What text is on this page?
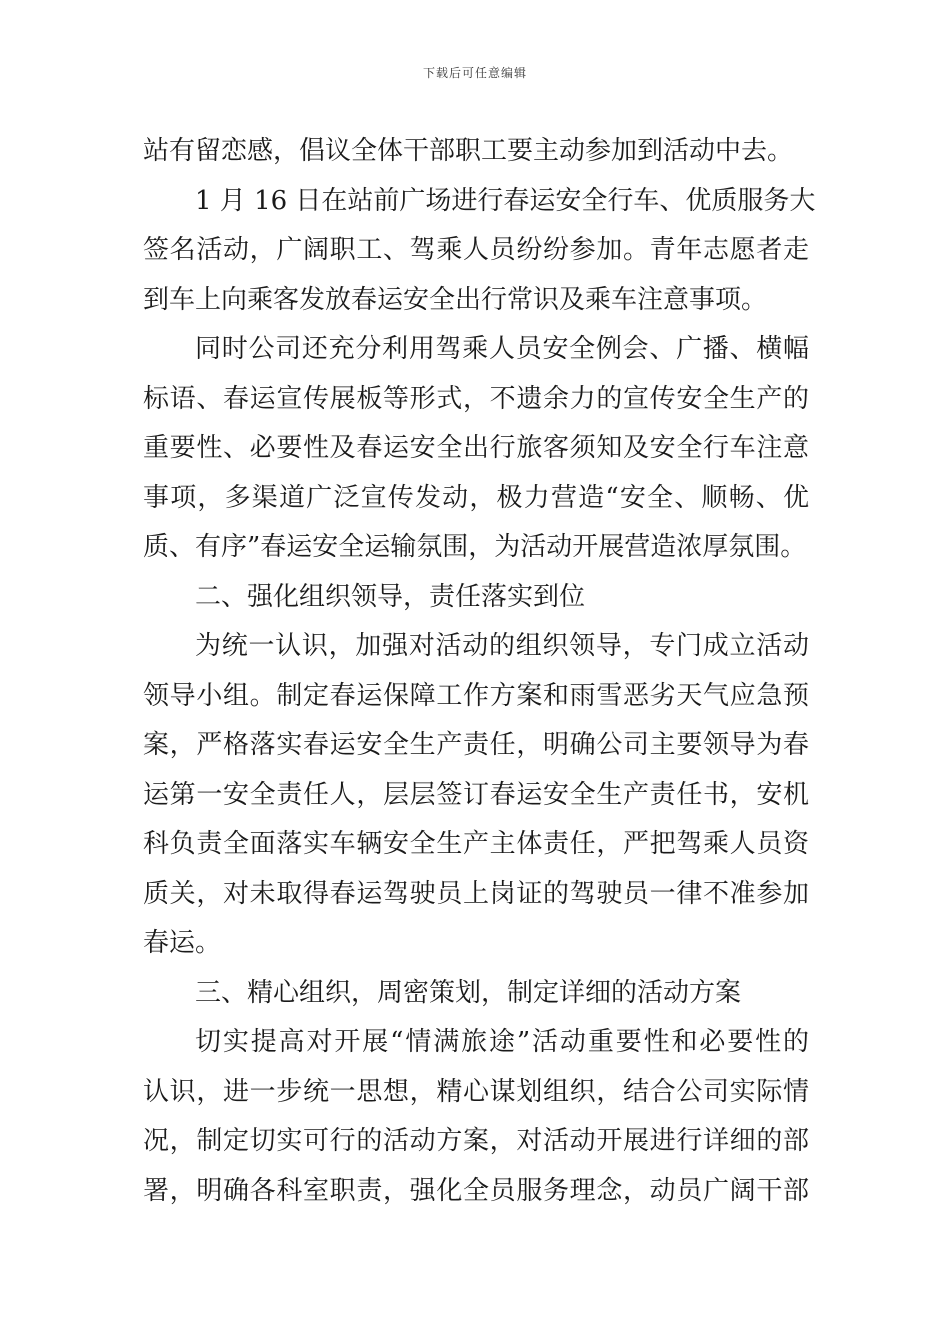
下载后可任意编辑
站有留恋感，倡议全体干部职工要主动参加到活动中去。
1 月 16 日在站前广场进行春运安全行车、优质服务大
签名活动，广阔职工、驾乘人员纷纷参加。青年志愿者走
到车上向乘客发放春运安全出行常识及乘车注意事项。
同时公司还充分利用驾乘人员安全例会、广播、横幅
标语、春运宣传展板等形式，不遗余力的宣传安全生产的
重要性、必要性及春运安全出行旅客须知及安全行车注意
事项，多渠道广泛宣传发动，极力营造“安全、顺畅、优
质、有序”春运安全运输氛围，为活动开展营造浓厚氛围。
二、强化组织领导，责任落实到位
为统一认识，加强对活动的组织领导，专门成立活动
领导小组。制定春运保障工作方案和雨雪恶劣天气应急预
案，严格落实春运安全生产责任，明确公司主要领导为春
运第一安全责任人，层层签订春运安全生产责任书，安机
科负责全面落实车辆安全生产主体责任，严把驾乘人员资
质关，对未取得春运驾驶员上岗证的驾驶员一律不准参加
春运。
三、精心组织，周密策划，制定详细的活动方案
切实提高对开展“情满旅途”活动重要性和必要性的
认识，进一步统一思想，精心谋划组织，结合公司实际情
况，制定切实可行的活动方案，对活动开展进行详细的部
署，明确各科室职责，强化全员服务理念，动员广阔干部
